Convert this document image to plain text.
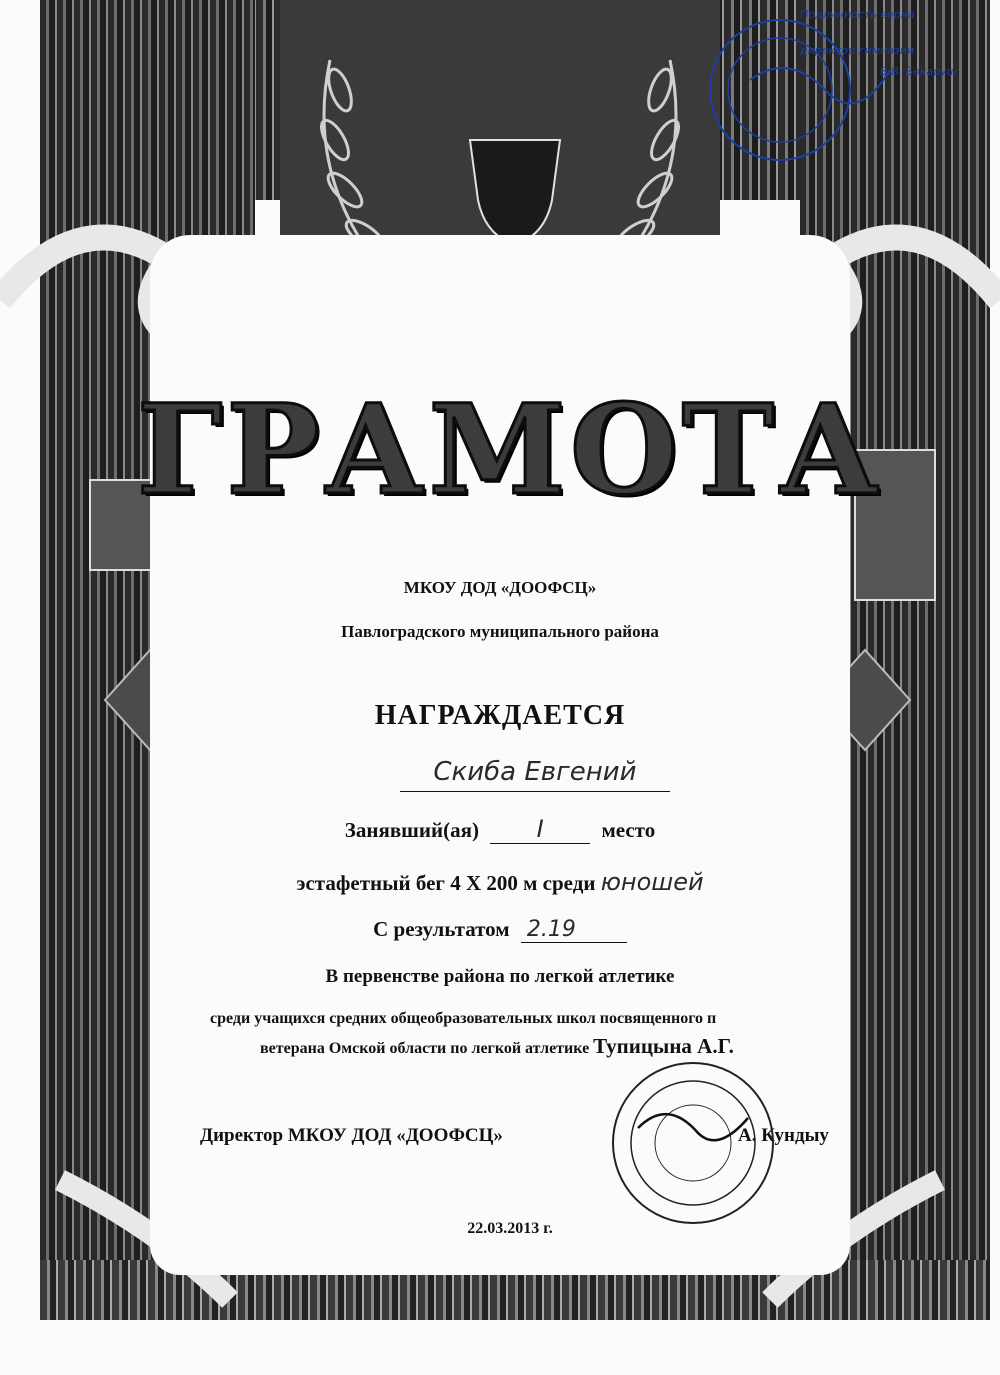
ГРАМОТА
МКОУ ДОД «ДООФСЦ»
Павлоградского муниципального района
НАГРАЖДАЕТСЯ
Скиба Евгений
Занявший(ая) I	место
эстафетный бег 4 Х 200 м среди юношей
С результатом 2.19
В первенстве района по легкой атлетике
среди учащихся средних общеобразовательных школ посвященного п
ветерана Омской области по легкой атлетике Тупицына А.Г.
Директор МКОУ ДОД «ДООФСЦ»	А. Кундыу
22.03.2013 г.
Подлинность верна
директор гимназии
В.В. Бокаруш
